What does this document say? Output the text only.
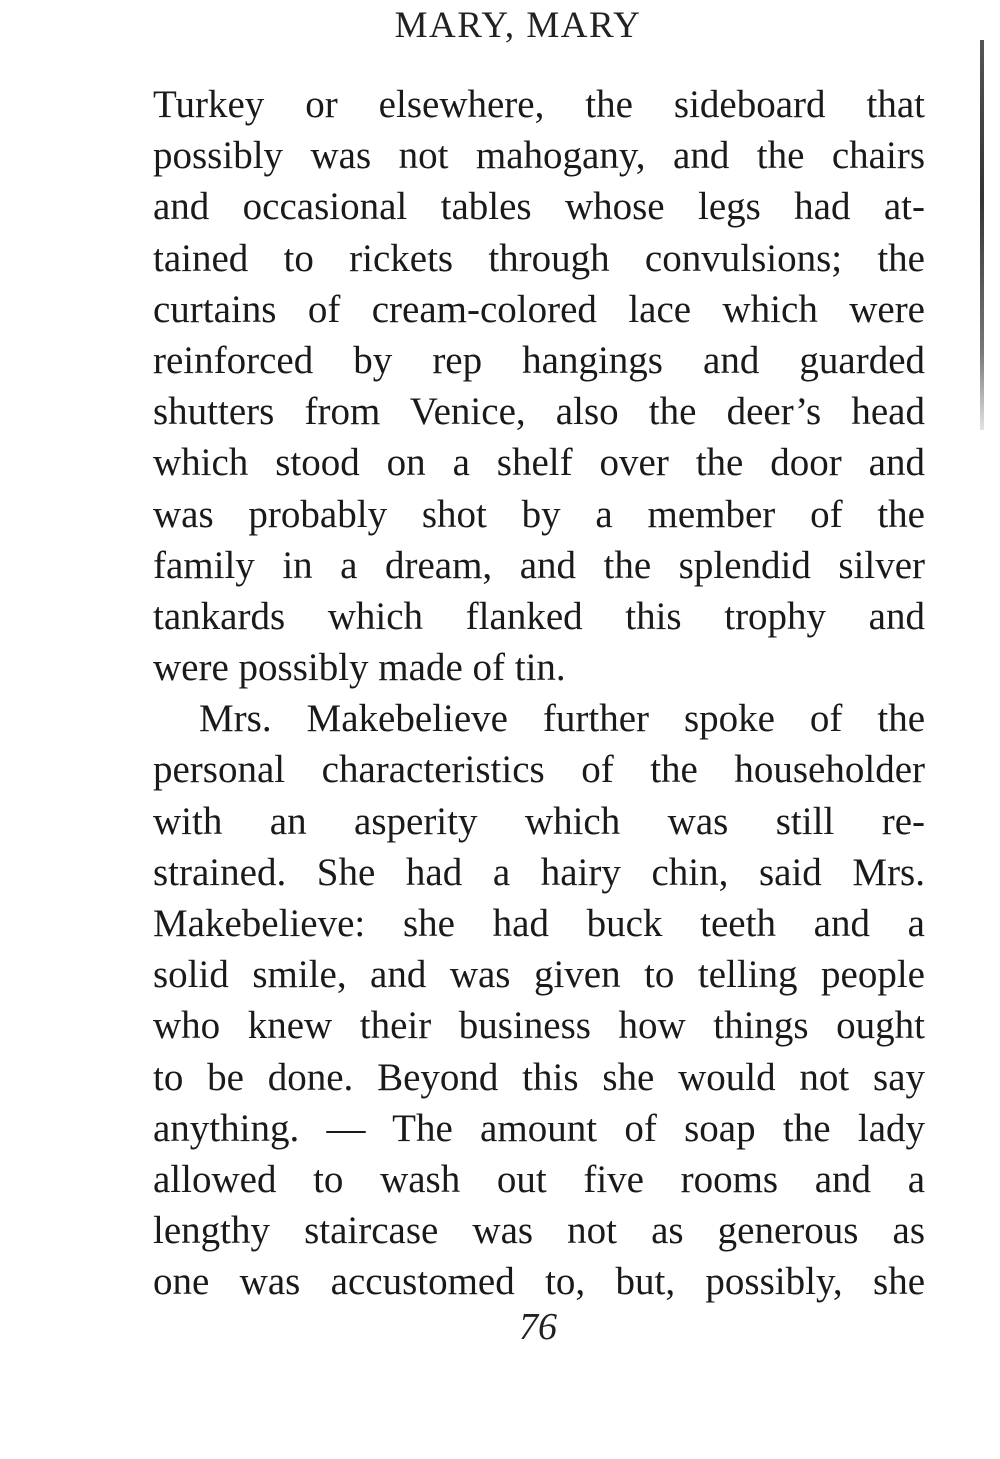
MARY, MARY
Turkey or elsewhere, the sideboard that
possibly was not mahogany, and the chairs
and occasional tables whose legs had at-
tained to rickets through convulsions; the
curtains of cream-colored lace which were
reinforced by rep hangings and guarded
shutters from Venice, also the deer’s head
which stood on a shelf over the door and
was probably shot by a member of the
family in a dream, and the splendid silver
tankards which flanked this trophy and
were possibly made of tin.
Mrs. Makebelieve further spoke of the
personal characteristics of the householder
with an asperity which was still re-
strained. She had a hairy chin, said Mrs.
Makebelieve: she had buck teeth and a
solid smile, and was given to telling people
who knew their business how things ought
to be done. Beyond this she would not say
anything. — The amount of soap the lady
allowed to wash out five rooms and a
lengthy staircase was not as generous as
one was accustomed to, but, possibly, she
76
